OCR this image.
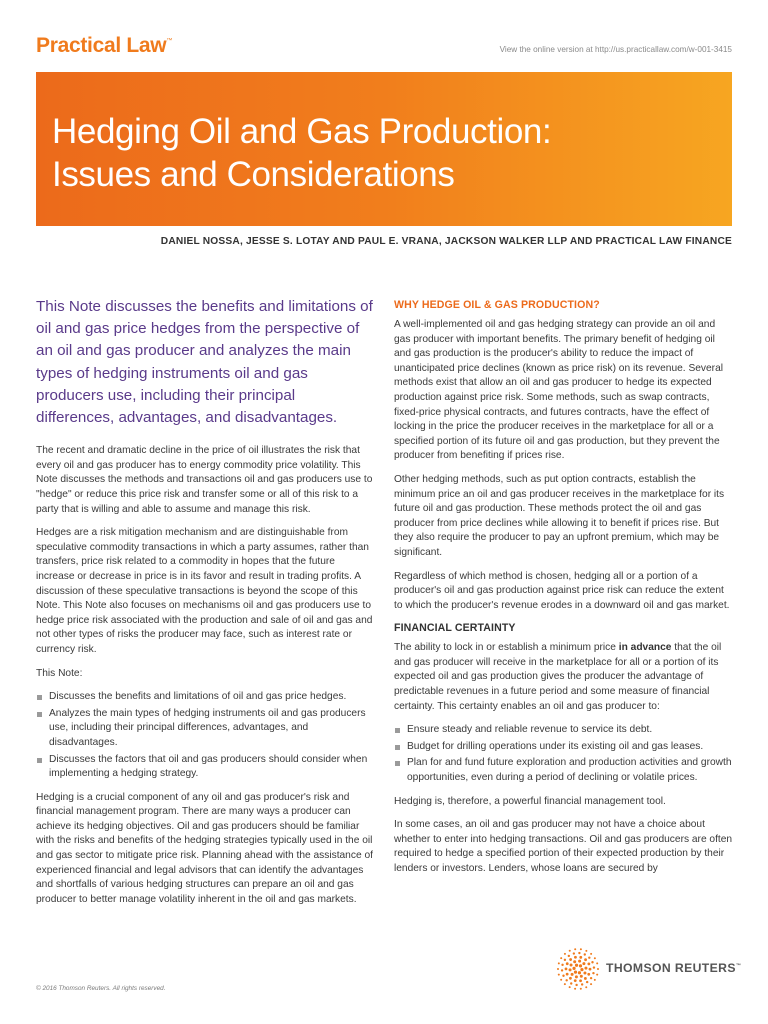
Practical Law™
View the online version at http://us.practicallaw.com/w-001-3415
Hedging Oil and Gas Production:
Issues and Considerations
DANIEL NOSSA, JESSE S. LOTAY AND PAUL E. VRANA, JACKSON WALKER LLP AND PRACTICAL LAW FINANCE

This Note discusses the benefits and limitations of oil and gas price hedges from the perspective of an oil and gas producer and analyzes the main types of hedging instruments oil and gas producers use, including their principal differences, advantages, and disadvantages.

The recent and dramatic decline in the price of oil illustrates the risk that every oil and gas producer has to energy commodity price volatility. This Note discusses the methods and transactions oil and gas producers use to "hedge" or reduce this price risk and transfer some or all of this risk to a party that is willing and able to assume and manage this risk.

Hedges are a risk mitigation mechanism and are distinguishable from speculative commodity transactions in which a party assumes, rather than transfers, price risk related to a commodity in hopes that the future increase or decrease in price is in its favor and result in trading profits. A discussion of these speculative transactions is beyond the scope of this Note. This Note also focuses on mechanisms oil and gas producers use to hedge price risk associated with the production and sale of oil and gas and not other types of risks the producer may face, such as interest rate or currency risk.

This Note:

Discusses the benefits and limitations of oil and gas price hedges.
Analyzes the main types of hedging instruments oil and gas producers use, including their principal differences, advantages, and disadvantages.
Discusses the factors that oil and gas producers should consider when implementing a hedging strategy.

Hedging is a crucial component of any oil and gas producer's risk and financial management program. There are many ways a producer can achieve its hedging objectives. Oil and gas producers should be familiar with the risks and benefits of the hedging strategies typically used in the oil and gas sector to mitigate price risk. Planning ahead with the assistance of experienced financial and legal advisors that can identify the advantages and shortfalls of various hedging structures can prepare an oil and gas producer to better manage volatility inherent in the oil and gas markets.

WHY HEDGE OIL & GAS PRODUCTION?

A well-implemented oil and gas hedging strategy can provide an oil and gas producer with important benefits. The primary benefit of hedging oil and gas production is the producer's ability to reduce the impact of unanticipated price declines (known as price risk) on its revenue. Several methods exist that allow an oil and gas producer to hedge its expected production against price risk. Some methods, such as swap contracts, fixed-price physical contracts, and futures contracts, have the effect of locking in the price the producer receives in the marketplace for all or a specified portion of its future oil and gas production, but they prevent the producer from benefiting if prices rise.

Other hedging methods, such as put option contracts, establish the minimum price an oil and gas producer receives in the marketplace for its future oil and gas production. These methods protect the oil and gas producer from price declines while allowing it to benefit if prices rise. But they also require the producer to pay an upfront premium, which may be significant.

Regardless of which method is chosen, hedging all or a portion of a producer's oil and gas production against price risk can reduce the extent to which the producer's revenue erodes in a downward oil and gas market.

FINANCIAL CERTAINTY

The ability to lock in or establish a minimum price in advance that the oil and gas producer will receive in the marketplace for all or a portion of its expected oil and gas production gives the producer the advantage of predictable revenues in a future period and some measure of financial certainty. This certainty enables an oil and gas producer to:

Ensure steady and reliable revenue to service its debt.
Budget for drilling operations under its existing oil and gas leases.
Plan for and fund future exploration and production activities and growth opportunities, even during a period of declining or volatile prices.

Hedging is, therefore, a powerful financial management tool.

In some cases, an oil and gas producer may not have a choice about whether to enter into hedging transactions. Oil and gas producers are often required to hedge a specified portion of their expected production by their lenders or investors. Lenders, whose loans are secured by

© 2016 Thomson Reuters. All rights reserved.
THOMSON REUTERS™
